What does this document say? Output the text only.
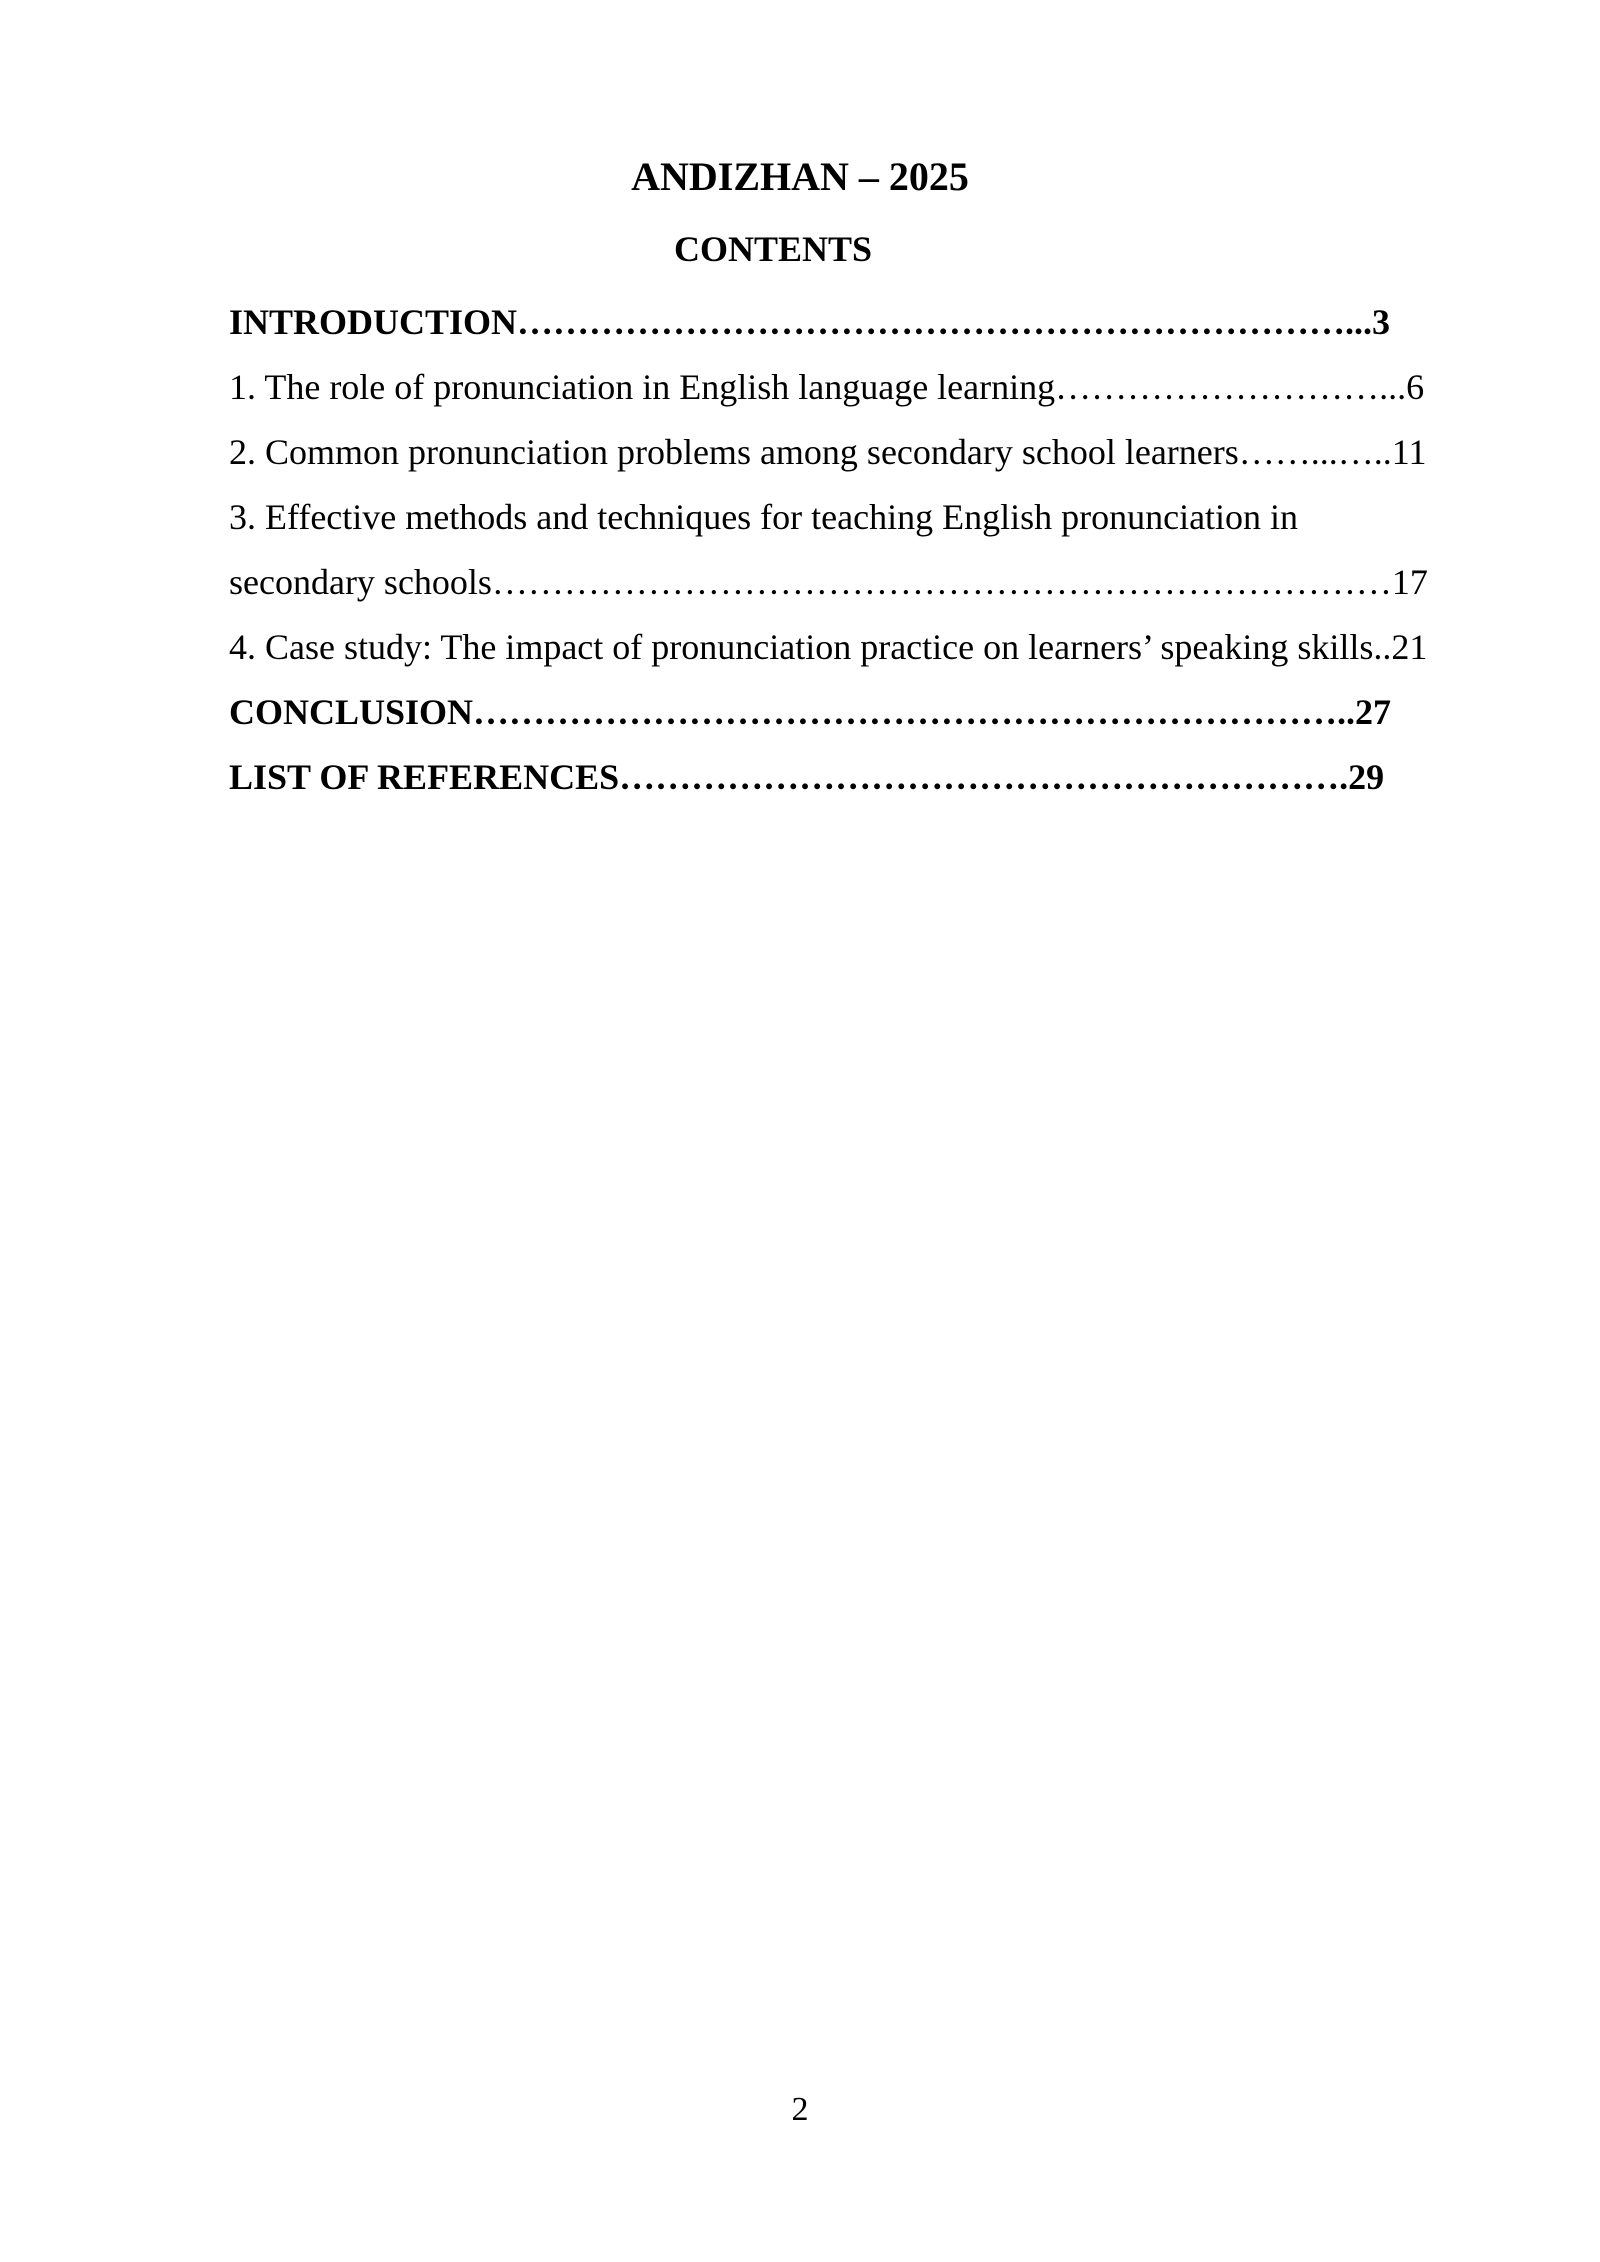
ANDIZHAN – 2025
CONTENTS
INTRODUCTION……………………………………………………………...3
1. The role of pronunciation in English language learning………………………...6
2. Common pronunciation problems among secondary school learners……...…..11
3. Effective methods and techniques for teaching English pronunciation in
secondary schools…………………………………………………………………17
4. Case study: The impact of pronunciation practice on learners’ speaking skills..21
CONCLUSION………………………………………………………………..27
LIST OF REFERENCES…………………………………………………….29
2
